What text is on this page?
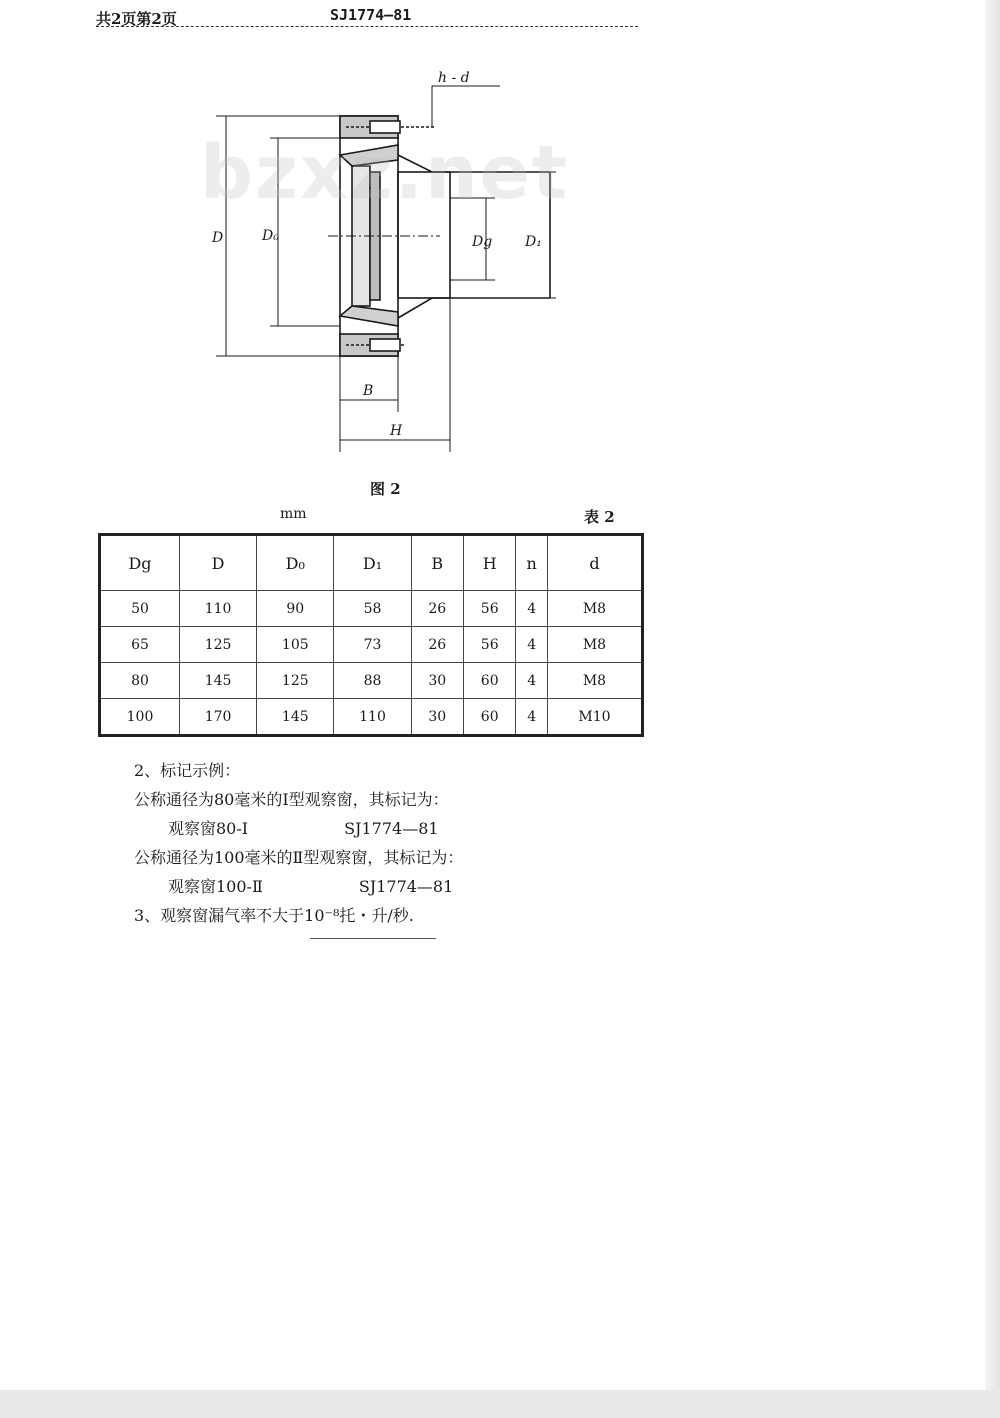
共2页第2页	SJ1774—81
h - d
D	D₀	Dg D₁
B
H
bzxz.net
图 2
mm	表 2
Dg	D	D₀	D₁	B	H	n	d
50	110	90	58	26	56	4	M8
65	125	105	73	26	56	4	M8
80	145	125	88	30	60	4	M8
100	170	145	110	30	60	4	M10
2、标记示例：
公称通径为80毫米的I型观察窗，其标记为：
观察窗80-Ⅰ	SJ1774—81
公称通径为100毫米的Ⅱ型观察窗，其标记为：
观察窗100-Ⅱ	SJ1774—81
3、观察窗漏气率不大于10⁻⁸托・升/秒.
